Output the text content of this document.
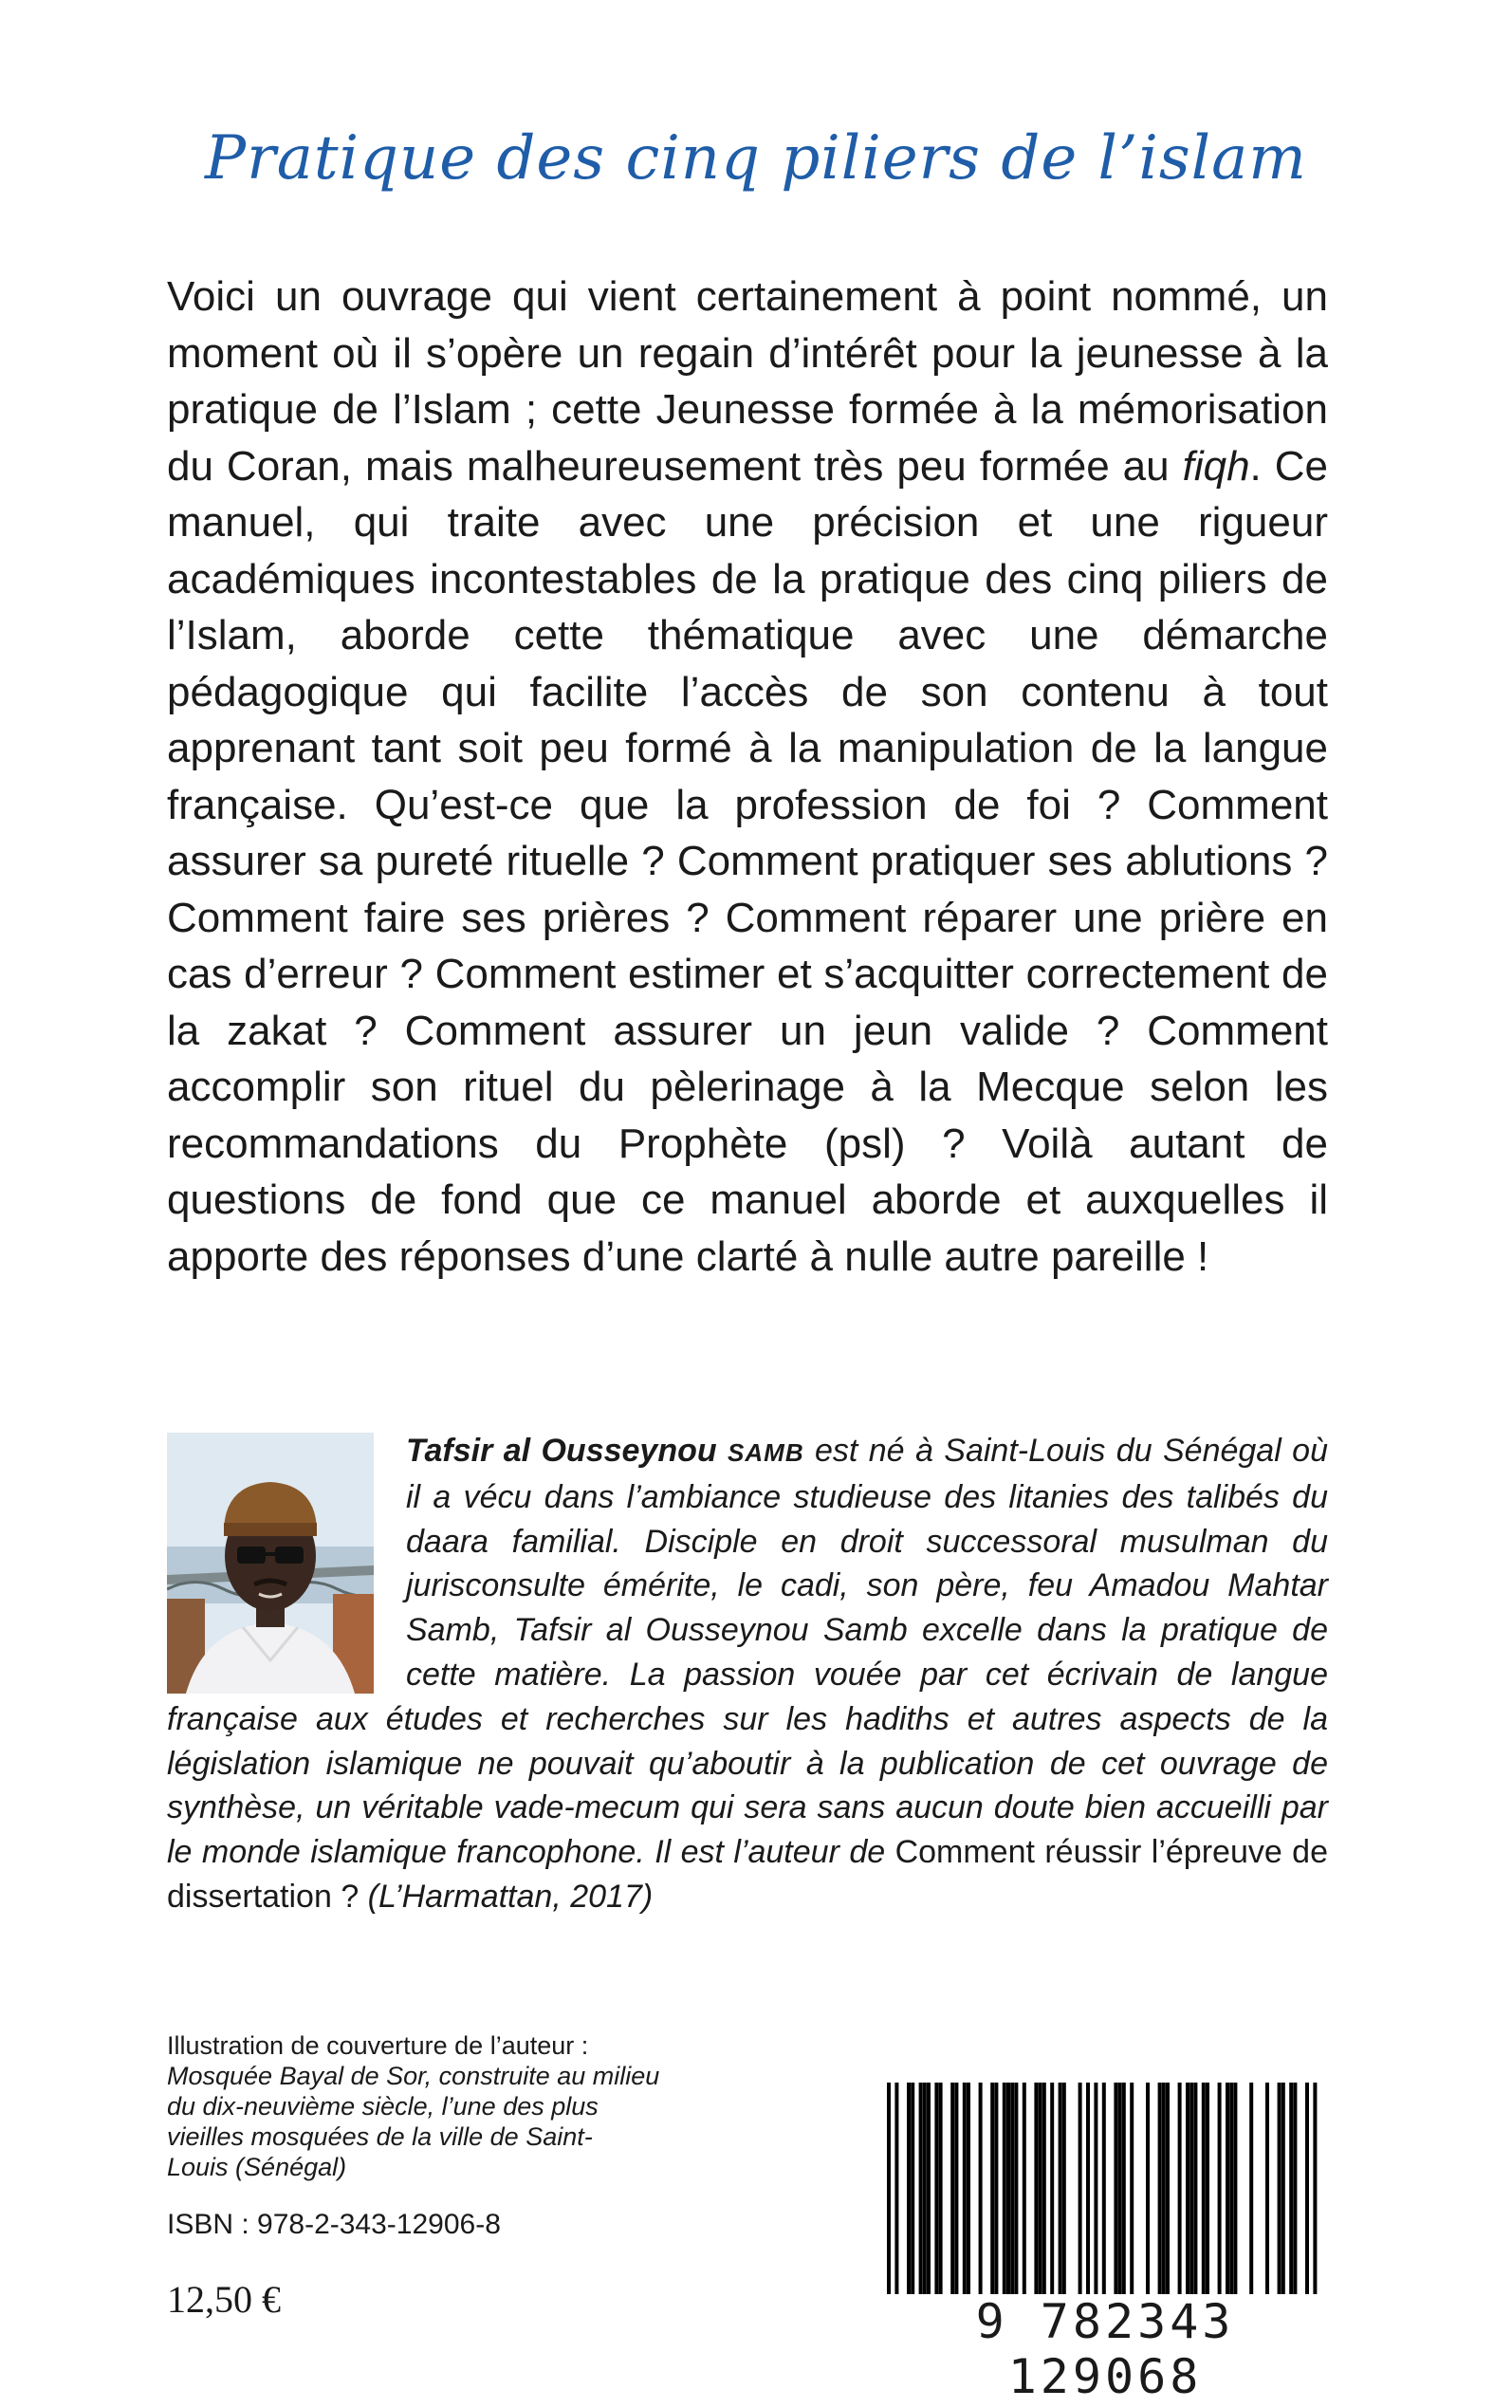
Pratique des cinq piliers de l’islam

Voici un ouvrage qui vient certainement à point nommé, un moment où il s’opère un regain d’intérêt pour la jeunesse à la pratique de l’Islam ; cette Jeunesse formée à la mémorisation du Coran, mais malheureusement très peu formée au fiqh. Ce manuel, qui traite avec une précision et une rigueur académiques incontestables de la pratique des cinq piliers de l’Islam, aborde cette thématique avec une démarche pédagogique qui facilite l’accès de son contenu à tout apprenant tant soit peu formé à la manipulation de la langue française. Qu’est-ce que la profession de foi ? Comment assurer sa pureté rituelle ? Comment pratiquer ses ablutions ? Comment faire ses prières ? Comment réparer une prière en cas d’erreur ? Comment estimer et s’acquitter correctement de la zakat ? Comment assurer un jeun valide ? Comment accomplir son rituel du pèlerinage à la Mecque selon les recommandations du Prophète (psl) ? Voilà autant de questions de fond que ce manuel aborde et auxquelles il apporte des réponses d’une clarté à nulle autre pareille !

Tafsir al Ousseynou SAMB est né à Saint-Louis du Sénégal où il a vécu dans l’ambiance studieuse des litanies des talibés du daara familial. Disciple en droit successoral musulman du jurisconsulte émérite, le cadi, son père, feu Amadou Mahtar Samb, Tafsir al Ousseynou Samb excelle dans la pratique de cette matière. La passion vouée par cet écrivain de langue française aux études et recherches sur les hadiths et autres aspects de la législation islamique ne pouvait qu’aboutir à la publication de cet ouvrage de synthèse, un véritable vade-mecum qui sera sans aucun doute bien accueilli par le monde islamique francophone. Il est l’auteur de Comment réussir l’épreuve de dissertation ? (L’Harmattan, 2017)

Illustration de couverture de l’auteur : Mosquée Bayal de Sor, construite au milieu du dix-neuvième siècle, l’une des plus vieilles mosquées de la ville de Saint- Louis (Sénégal)

ISBN : 978-2-343-12906-8
12,50 €	9 782343 129068
